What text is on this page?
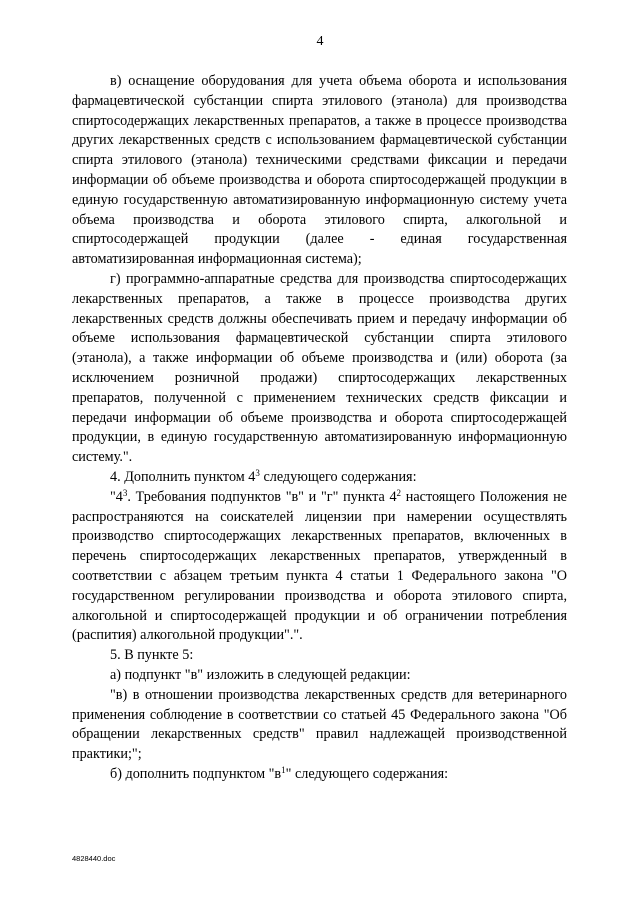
4

в) оснащение оборудования для учета объема оборота и использования фармацевтической субстанции спирта этилового (этанола) для производства спиртосодержащих лекарственных препаратов, а также в процессе производства других лекарственных средств с использованием фармацевтической субстанции спирта этилового (этанола) техническими средствами фиксации и передачи информации об объеме производства и оборота спиртосодержащей продукции в единую государственную автоматизированную информационную систему учета объема производства и оборота этилового спирта, алкогольной и спиртосодержащей продукции (далее - единая государственная автоматизированная информационная система);

г) программно-аппаратные средства для производства спиртосодержащих лекарственных препаратов, а также в процессе производства других лекарственных средств должны обеспечивать прием и передачу информации об объеме использования фармацевтической субстанции спирта этилового (этанола), а также информации об объеме производства и (или) оборота (за исключением розничной продажи) спиртосодержащих лекарственных препаратов, полученной с применением технических средств фиксации и передачи информации об объеме производства и оборота спиртосодержащей продукции, в единую государственную автоматизированную информационную систему.".

4. Дополнить пунктом $4^3$ следующего содержания:

"$4^3$. Требования подпунктов "в" и "г" пункта $4^2$ настоящего Положения не распространяются на соискателей лицензии при намерении осуществлять производство спиртосодержащих лекарственных препаратов, включенных в перечень спиртосодержащих лекарственных препаратов, утвержденный в соответствии с абзацем третьим пункта 4 статьи 1 Федерального закона "О государственном регулировании производства и оборота этилового спирта, алкогольной и спиртосодержащей продукции и об ограничении потребления (распития) алкогольной продукции".".

5. В пункте 5:

а) подпункт "в" изложить в следующей редакции:

"в) в отношении производства лекарственных средств для ветеринарного применения соблюдение в соответствии со статьей 45 Федерального закона "Об обращении лекарственных средств" правил надлежащей производственной практики;";

б) дополнить подпунктом "$в^1$" следующего содержания:

4828440.doc
